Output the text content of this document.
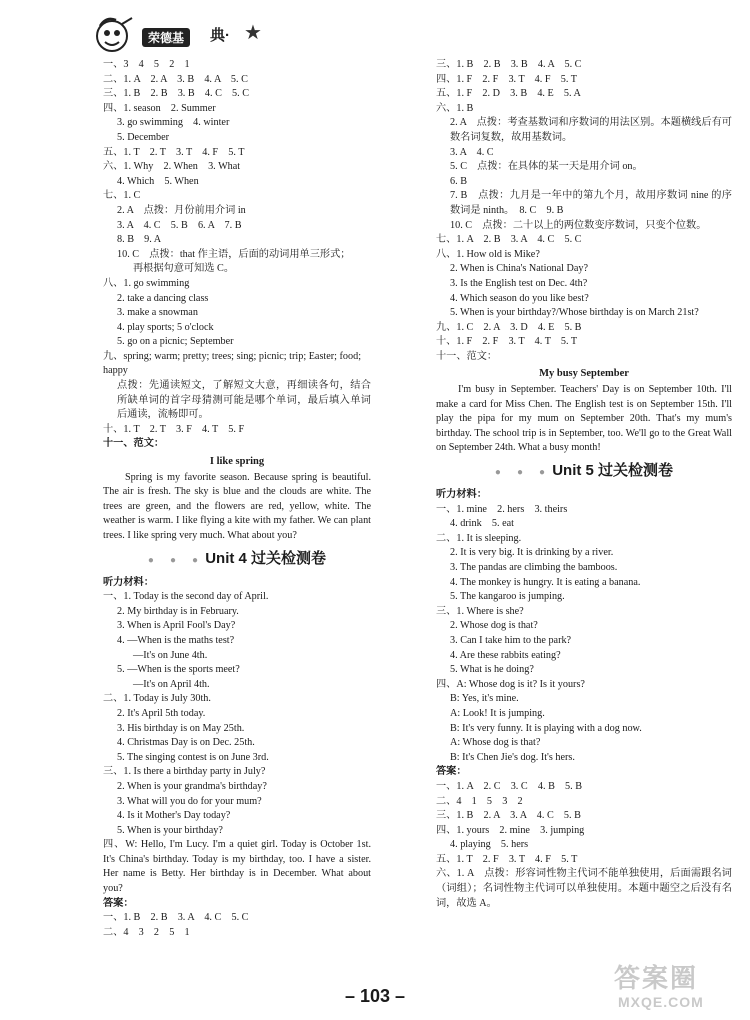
荣德基	典· ★
一、3　4　5　2　1
二、1. A　2. A　3. B　4. A　5. C
三、1. B　2. B　3. B　4. C　5. C
四、1. season　2. Summer
3. go swimming　4. winter
5. December
五、1. T　2. T　3. T　4. F　5. T
六、1. Why　2. When　3. What
4. Which　5. When
七、1. C
2. A　点拨：月份前用介词 in
3. A　4. C　5. B　6. A　7. B
8. B　9. A
10. C　点拨：that 作主语，后面的动词用单三形式；
再根据句意可知选 C。
八、1. go swimming
2. take a dancing class
3. make a snowman
4. play sports; 5 o'clock
5. go on a picnic; September
九、spring; warm; pretty; trees; sing; picnic; trip; Easter; food; happy
点拨：先通读短文，了解短文大意，再细读各句，结合所缺单词的首字母猜测可能是哪个单词，最后填入单词后通读，流畅即可。
十、1. T　2. T　3. F　4. T　5. F
十一、范文：
I like spring
Spring is my favorite season. Because spring is beautiful. The air is fresh. The sky is blue and the clouds are white. The trees are green, and the flowers are red, yellow, white. The weather is warm. I like flying a kite with my father. We can plant trees. I like spring very much. What about you?
●　●　● Unit 4 过关检测卷
听力材料：
一、1. Today is the second day of April.
2. My birthday is in February.
3. When is April Fool's Day?
4. —When is the maths test?
—It's on June 4th.
5. —When is the sports meet?
—It's on April 4th.
二、1. Today is July 30th.
2. It's April 5th today.
3. His birthday is on May 25th.
4. Christmas Day is on Dec. 25th.
5. The singing contest is on June 3rd.
三、1. Is there a birthday party in July?
2. When is your grandma's birthday?
3. What will you do for your mum?
4. Is it Mother's Day today?
5. When is your birthday?
四、W: Hello, I'm Lucy. I'm a quiet girl. Today is October 1st. It's China's birthday. Today is my birthday, too. I have a sister. Her name is Betty. Her birthday is in December. What about you?
答案：
一、1. B　2. B　3. A　4. C　5. C
二、4　3　2　5　1
三、1. B　2. B　3. B　4. A　5. C
四、1. F　2. F　3. T　4. F　5. T
五、1. F　2. D　3. B　4. E　5. A
六、1. B
2. A　点拨：考查基数词和序数词的用法区别。本题横线后有可数名词复数，故用基数词。
3. A　4. C
5. C　点拨：在具体的某一天是用介词 on。
6. B
7. B　点拨：九月是一年中的第九个月，故用序数词 nine 的序数词是 ninth。　8. C　9. B
10. C　点拨：二十以上的两位数变序数词，只变个位数。
七、1. A　2. B　3. A　4. C　5. C
八、1. How old is Mike?
2. When is China's National Day?
3. Is the English test on Dec. 4th?
4. Which season do you like best?
5. When is your birthday?/Whose birthday is on March 21st?
九、1. C　2. A　3. D　4. E　5. B
十、1. F　2. F　3. T　4. T　5. T
十一、范文：
My busy September
I'm busy in September. Teachers' Day is on September 10th. I'll make a card for Miss Chen. The English test is on September 15th. I'll play the pipa for my mum on September 20th. That's my mum's birthday. The school trip is in September, too. We'll go to the Great Wall on September 24th. What a busy month!
●　●　● Unit 5 过关检测卷
听力材料：
一、1. mine　2. hers　3. theirs
4. drink　5. eat
二、1. It is sleeping.
2. It is very big. It is drinking by a river.
3. The pandas are climbing the bamboos.
4. The monkey is hungry. It is eating a banana.
5. The kangaroo is jumping.
三、1. Where is she?
2. Whose dog is that?
3. Can I take him to the park?
4. Are these rabbits eating?
5. What is he doing?
四、A: Whose dog is it? Is it yours?
B: Yes, it's mine.
A: Look! It is jumping.
B: It's very funny. It is playing with a dog now.
A: Whose dog is that?
B: It's Chen Jie's dog. It's hers.
答案：
一、1. A　2. C　3. C　4. B　5. B
二、4　1　5　3　2
三、1. B　2. A　3. A　4. C　5. B
四、1. yours　2. mine　3. jumping
4. playing　5. hers
五、1. T　2. F　3. T　4. F　5. T
六、1. A　点拨：形容词性物主代词不能单独使用，后面需跟名词（词组）；名词性物主代词可以单独使用。本题中题空之后没有名词，故选 A。
– 103 –
答案圈
MXQE.COM
